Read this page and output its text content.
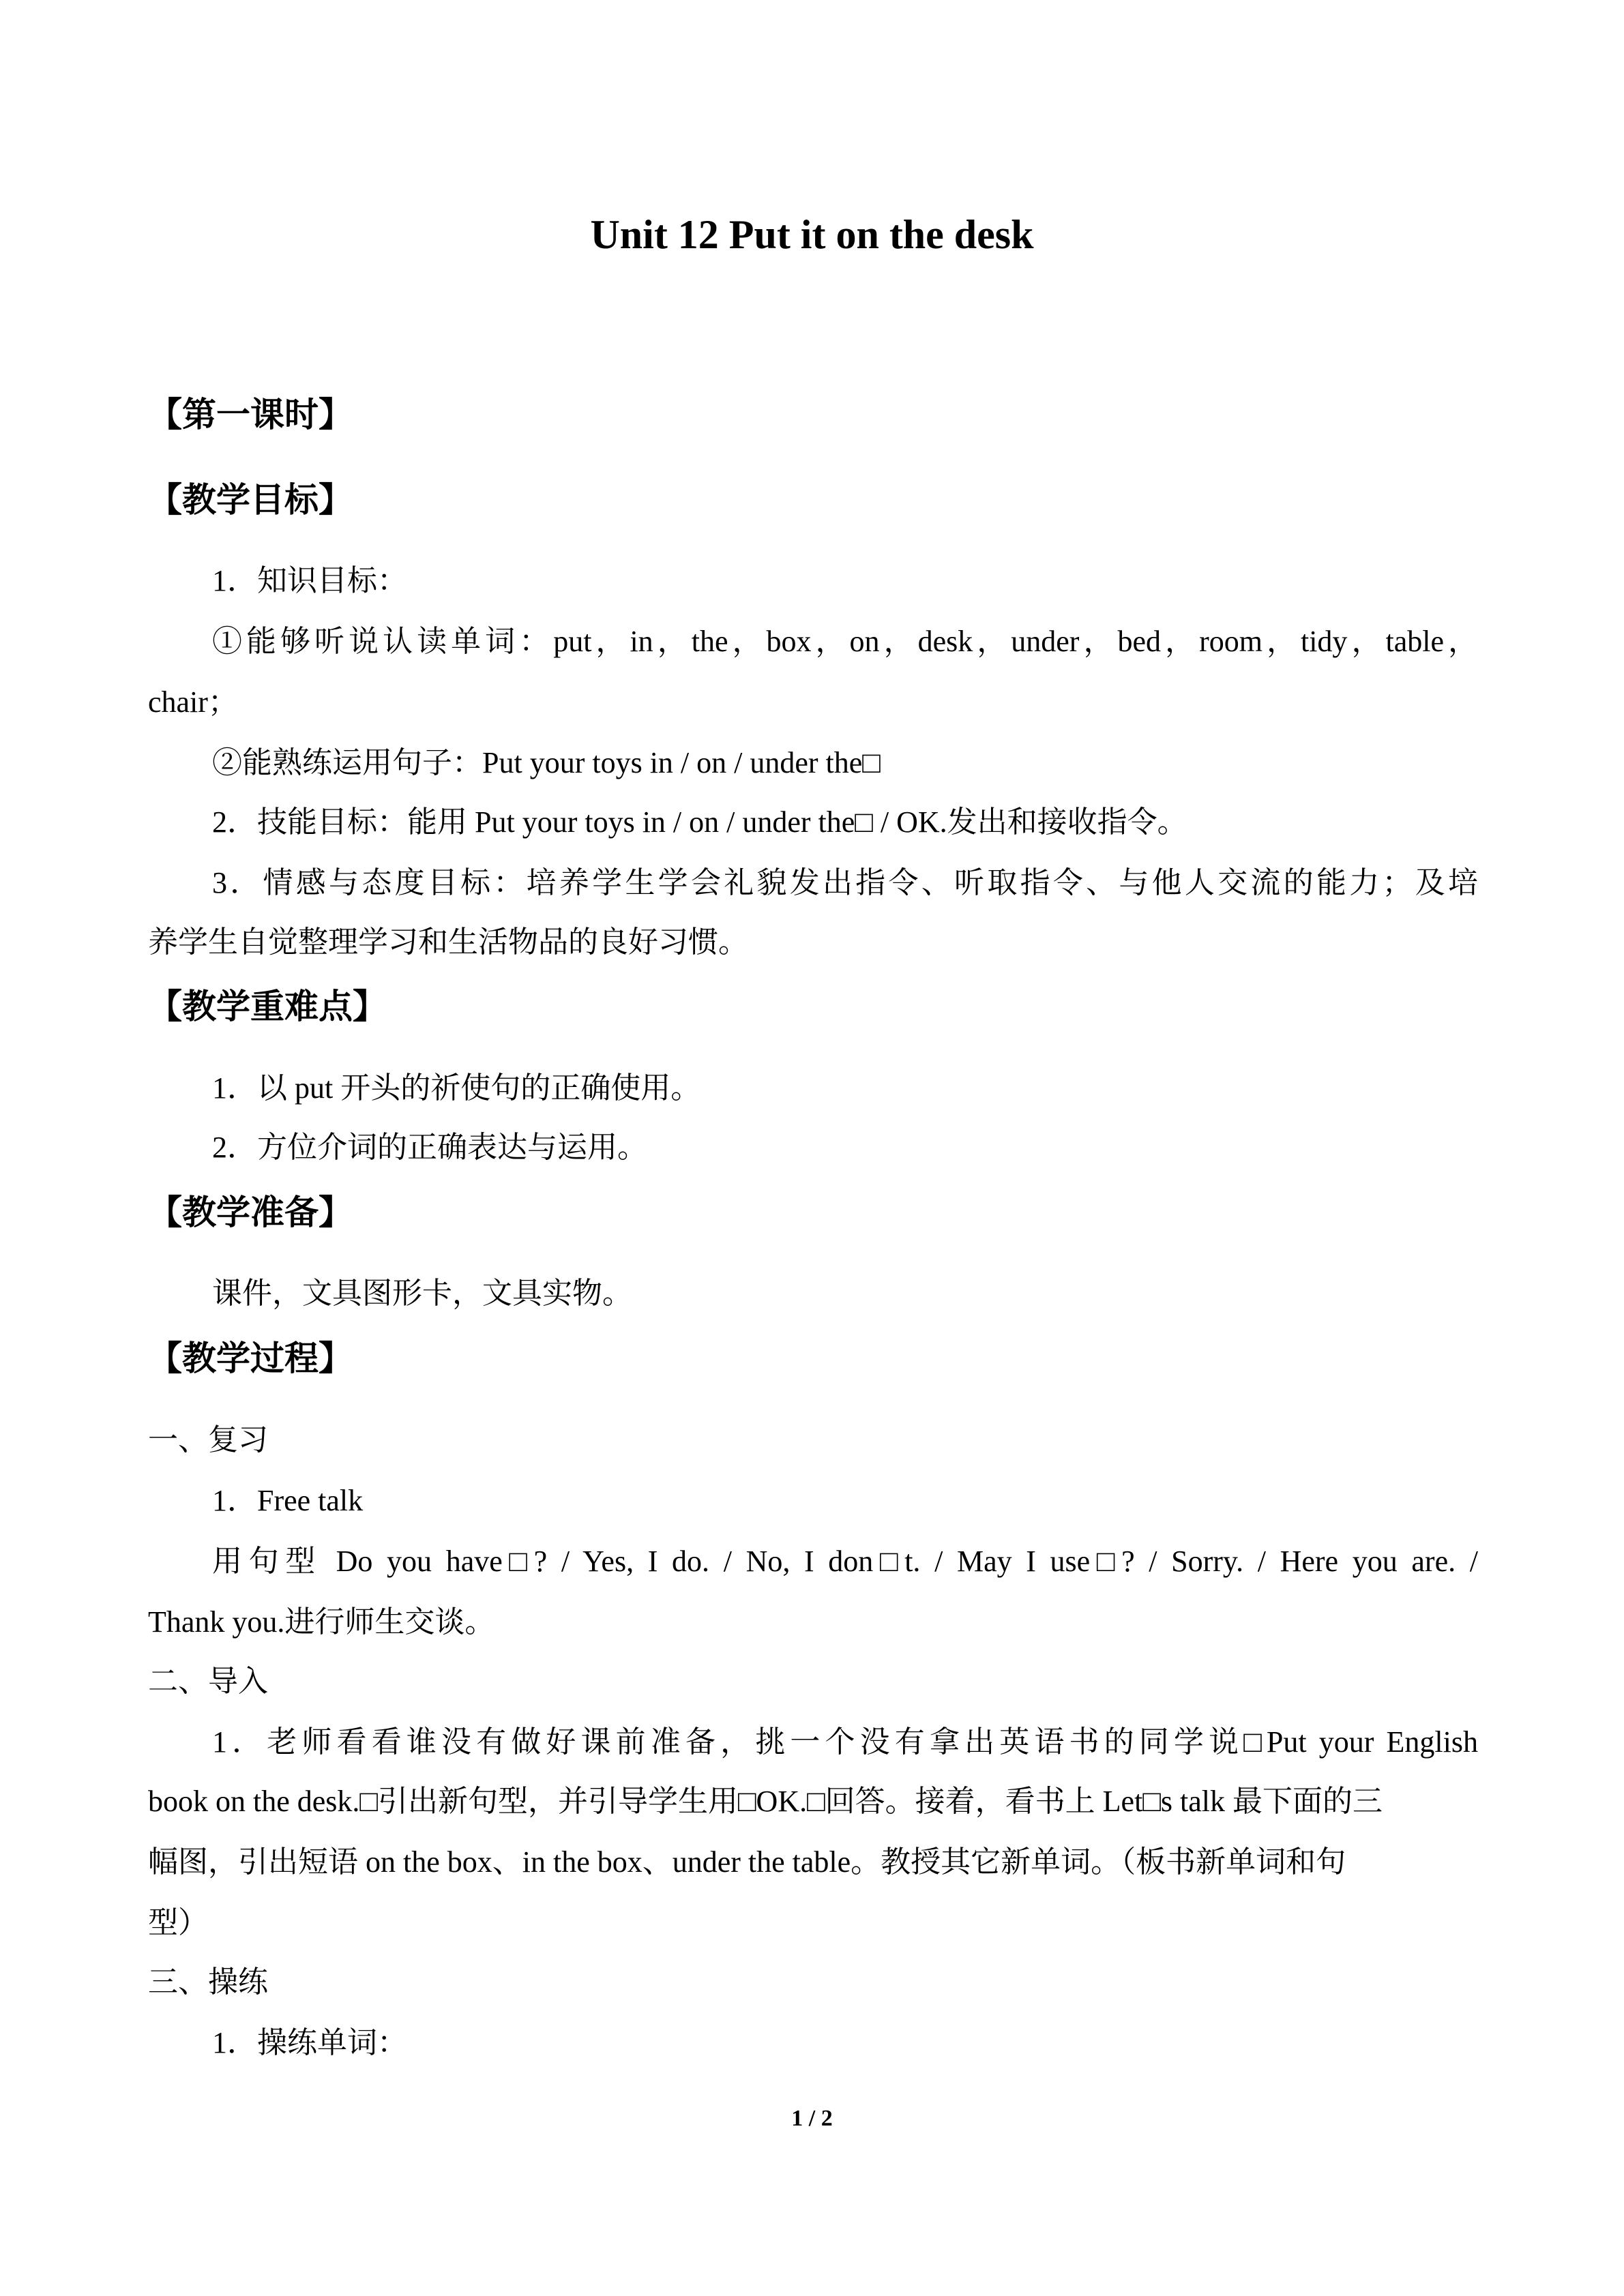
Unit 12 Put it on the desk
【第一课时】
【教学目标】
1．知识目标：
①能够听说认读单词：put，in，the，box，on，desk，under，bed，room，tidy，table，
chair；
②能熟练运用句子：Put your toys in / on / under the□
2．技能目标：能用 Put your toys in / on / under the□ / OK.发出和接收指令。
3．情感与态度目标：培养学生学会礼貌发出指令、听取指令、与他人交流的能力；及培
养学生自觉整理学习和生活物品的良好习惯。
【教学重难点】
1．以 put 开头的祈使句的正确使用。
2．方位介词的正确表达与运用。
【教学准备】
课件，文具图形卡，文具实物。
【教学过程】
一、复习
1．Free talk
用句型 Do you have□? / Yes, I do. / No, I don□t. / May I use□? / Sorry. / Here you are. /
Thank you.进行师生交谈。
二、导入
1．老师看看谁没有做好课前准备，挑一个没有拿出英语书的同学说□Put your English
book on the desk.□引出新句型，并引导学生用□OK.□回答。接着，看书上 Let□s talk 最下面的三
幅图，引出短语 on the box、in the box、under the table。教授其它新单词。（板书新单词和句
型）
三、操练
1．操练单词：
1 / 2
